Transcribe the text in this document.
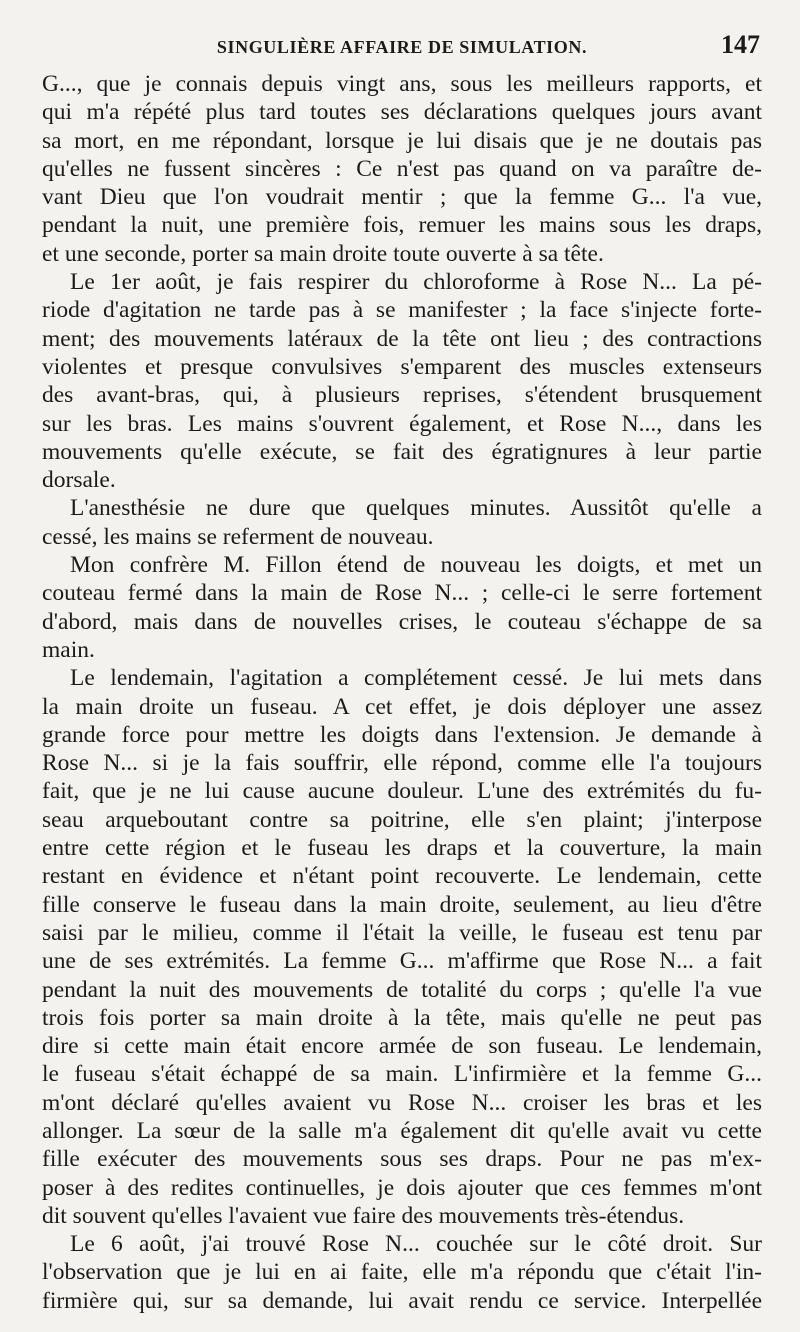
SINGULIÈRE AFFAIRE DE SIMULATION.	147
G..., que je connais depuis vingt ans, sous les meilleurs rapports, et
qui m'a répété plus tard toutes ses déclarations quelques jours avant
sa mort, en me répondant, lorsque je lui disais que je ne doutais pas
qu'elles ne fussent sincères : Ce n'est pas quand on va paraître de-
vant Dieu que l'on voudrait mentir ; que la femme G... l'a vue,
pendant la nuit, une première fois, remuer les mains sous les draps,
et une seconde, porter sa main droite toute ouverte à sa tête.
Le 1er août, je fais respirer du chloroforme à Rose N... La pé-
riode d'agitation ne tarde pas à se manifester ; la face s'injecte forte-
ment; des mouvements latéraux de la tête ont lieu ; des contractions
violentes et presque convulsives s'emparent des muscles extenseurs
des avant-bras, qui, à plusieurs reprises, s'étendent brusquement
sur les bras. Les mains s'ouvrent également, et Rose N..., dans les
mouvements qu'elle exécute, se fait des égratignures à leur partie
dorsale.
L'anesthésie ne dure que quelques minutes. Aussitôt qu'elle a
cessé, les mains se referment de nouveau.
Mon confrère M. Fillon étend de nouveau les doigts, et met un
couteau fermé dans la main de Rose N... ; celle-ci le serre fortement
d'abord, mais dans de nouvelles crises, le couteau s'échappe de sa
main.
Le lendemain, l'agitation a complétement cessé. Je lui mets dans
la main droite un fuseau. A cet effet, je dois déployer une assez
grande force pour mettre les doigts dans l'extension. Je demande à
Rose N... si je la fais souffrir, elle répond, comme elle l'a toujours
fait, que je ne lui cause aucune douleur. L'une des extrémités du fu-
seau arqueboutant contre sa poitrine, elle s'en plaint; j'interpose
entre cette région et le fuseau les draps et la couverture, la main
restant en évidence et n'étant point recouverte. Le lendemain, cette
fille conserve le fuseau dans la main droite, seulement, au lieu d'être
saisi par le milieu, comme il l'était la veille, le fuseau est tenu par
une de ses extrémités. La femme G... m'affirme que Rose N... a fait
pendant la nuit des mouvements de totalité du corps ; qu'elle l'a vue
trois fois porter sa main droite à la tête, mais qu'elle ne peut pas
dire si cette main était encore armée de son fuseau. Le lendemain,
le fuseau s'était échappé de sa main. L'infirmière et la femme G...
m'ont déclaré qu'elles avaient vu Rose N... croiser les bras et les
allonger. La sœur de la salle m'a également dit qu'elle avait vu cette
fille exécuter des mouvements sous ses draps. Pour ne pas m'ex-
poser à des redites continuelles, je dois ajouter que ces femmes m'ont
dit souvent qu'elles l'avaient vue faire des mouvements très-étendus.
Le 6 août, j'ai trouvé Rose N... couchée sur le côté droit. Sur
l'observation que je lui en ai faite, elle m'a répondu que c'était l'in-
firmière qui, sur sa demande, lui avait rendu ce service. Interpellée
